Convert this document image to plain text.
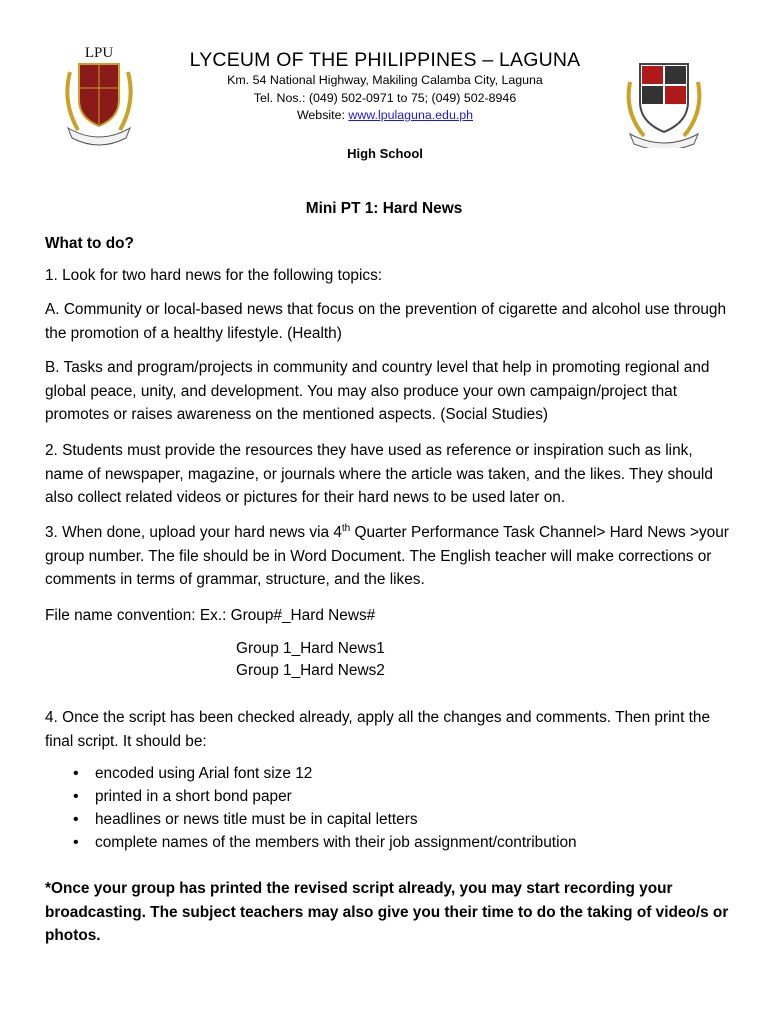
LPU	LYCEUM OF THE PHILIPPINES – LAGUNA
Km. 54 National Highway, Makiling Calamba City, Laguna
Tel. Nos.: (049) 502-0971 to 75; (049) 502-8946
Website: www.lpulaguna.edu.ph
High School
Mini PT 1: Hard News

What to do?

1. Look for two hard news for the following topics:

A. Community or local-based news that focus on the prevention of cigarette and alcohol use through the promotion of a healthy lifestyle. (Health)

B. Tasks and program/projects in community and country level that help in promoting regional and global peace, unity, and development. You may also produce your own campaign/project that promotes or raises awareness on the mentioned aspects. (Social Studies)

2. Students must provide the resources they have used as reference or inspiration such as link, name of newspaper, magazine, or journals where the article was taken, and the likes. They should also collect related videos or pictures for their hard news to be used later on.

3. When done, upload your hard news via 4th Quarter Performance Task Channel> Hard News >your group number. The file should be in Word Document. The English teacher will make corrections or comments in terms of grammar, structure, and the likes.

File name convention: Ex.: Group#_Hard News#

Group 1_Hard News1
Group 1_Hard News2

4. Once the script has been checked already, apply all the changes and comments. Then print the final script. It should be:

• encoded using Arial font size 12
• printed in a short bond paper
• headlines or news title must be in capital letters
• complete names of the members with their job assignment/contribution

*Once your group has printed the revised script already, you may start recording your broadcasting. The subject teachers may also give you their time to do the taking of video/s or photos.
